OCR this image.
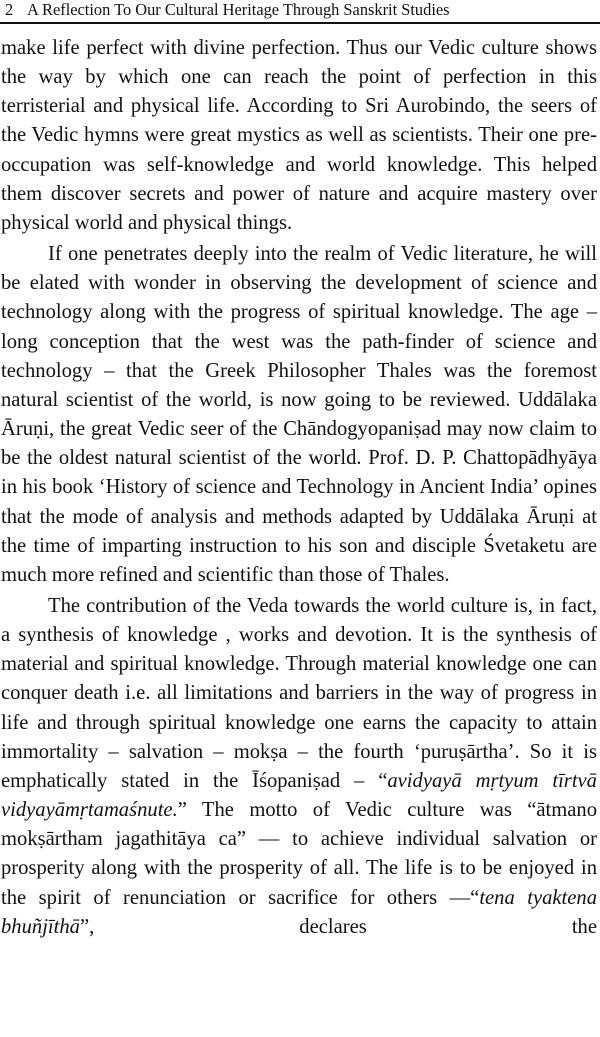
2 A Reflection To Our Cultural Heritage Through Sanskrit Studies

make life perfect with divine perfection. Thus our Vedic culture shows the way by which one can reach the point of perfection in this terristerial and physical life. According to Sri Aurobindo, the seers of the Vedic hymns were great mystics as well as scientists. Their one pre-occupation was self-knowledge and world knowledge. This helped them discover secrets and power of nature and acquire mastery over physical world and physical things.

If one penetrates deeply into the realm of Vedic literature, he will be elated with wonder in observing the development of science and technology along with the progress of spiritual knowledge. The age – long conception that the west was the path-finder of science and technology – that the Greek Philosopher Thales was the foremost natural scientist of the world, is now going to be reviewed. Uddālaka Āruṇi, the great Vedic seer of the Chāndogyopaniṣad may now claim to be the oldest natural scientist of the world. Prof. D. P. Chattopādhyāya in his book ‘History of science and Technology in Ancient India’ opines that the mode of analysis and methods adapted by Uddālaka Āruṇi at the time of imparting instruction to his son and disciple Śvetaketu are much more refined and scientific than those of Thales.

The contribution of the Veda towards the world culture is, in fact, a synthesis of knowledge , works and devotion. It is the synthesis of material and spiritual knowledge. Through material knowledge one can conquer death i.e. all limitations and barriers in the way of progress in life and through spiritual knowledge one earns the capacity to attain immortality – salvation – mokṣa – the fourth ‘puruṣārtha’. So it is emphatically stated in the Īśopaniṣad – “avidyayā mṛtyum tīrtvā vidyayāmṛtamaśnute.” The motto of Vedic culture was “ātmano mokṣārtham jagathitāya ca” — to achieve individual salvation or prosperity along with the prosperity of all. The life is to be enjoyed in the spirit of renunciation or sacrifice for others —“tena tyaktena bhuñjīthā”, declares the
